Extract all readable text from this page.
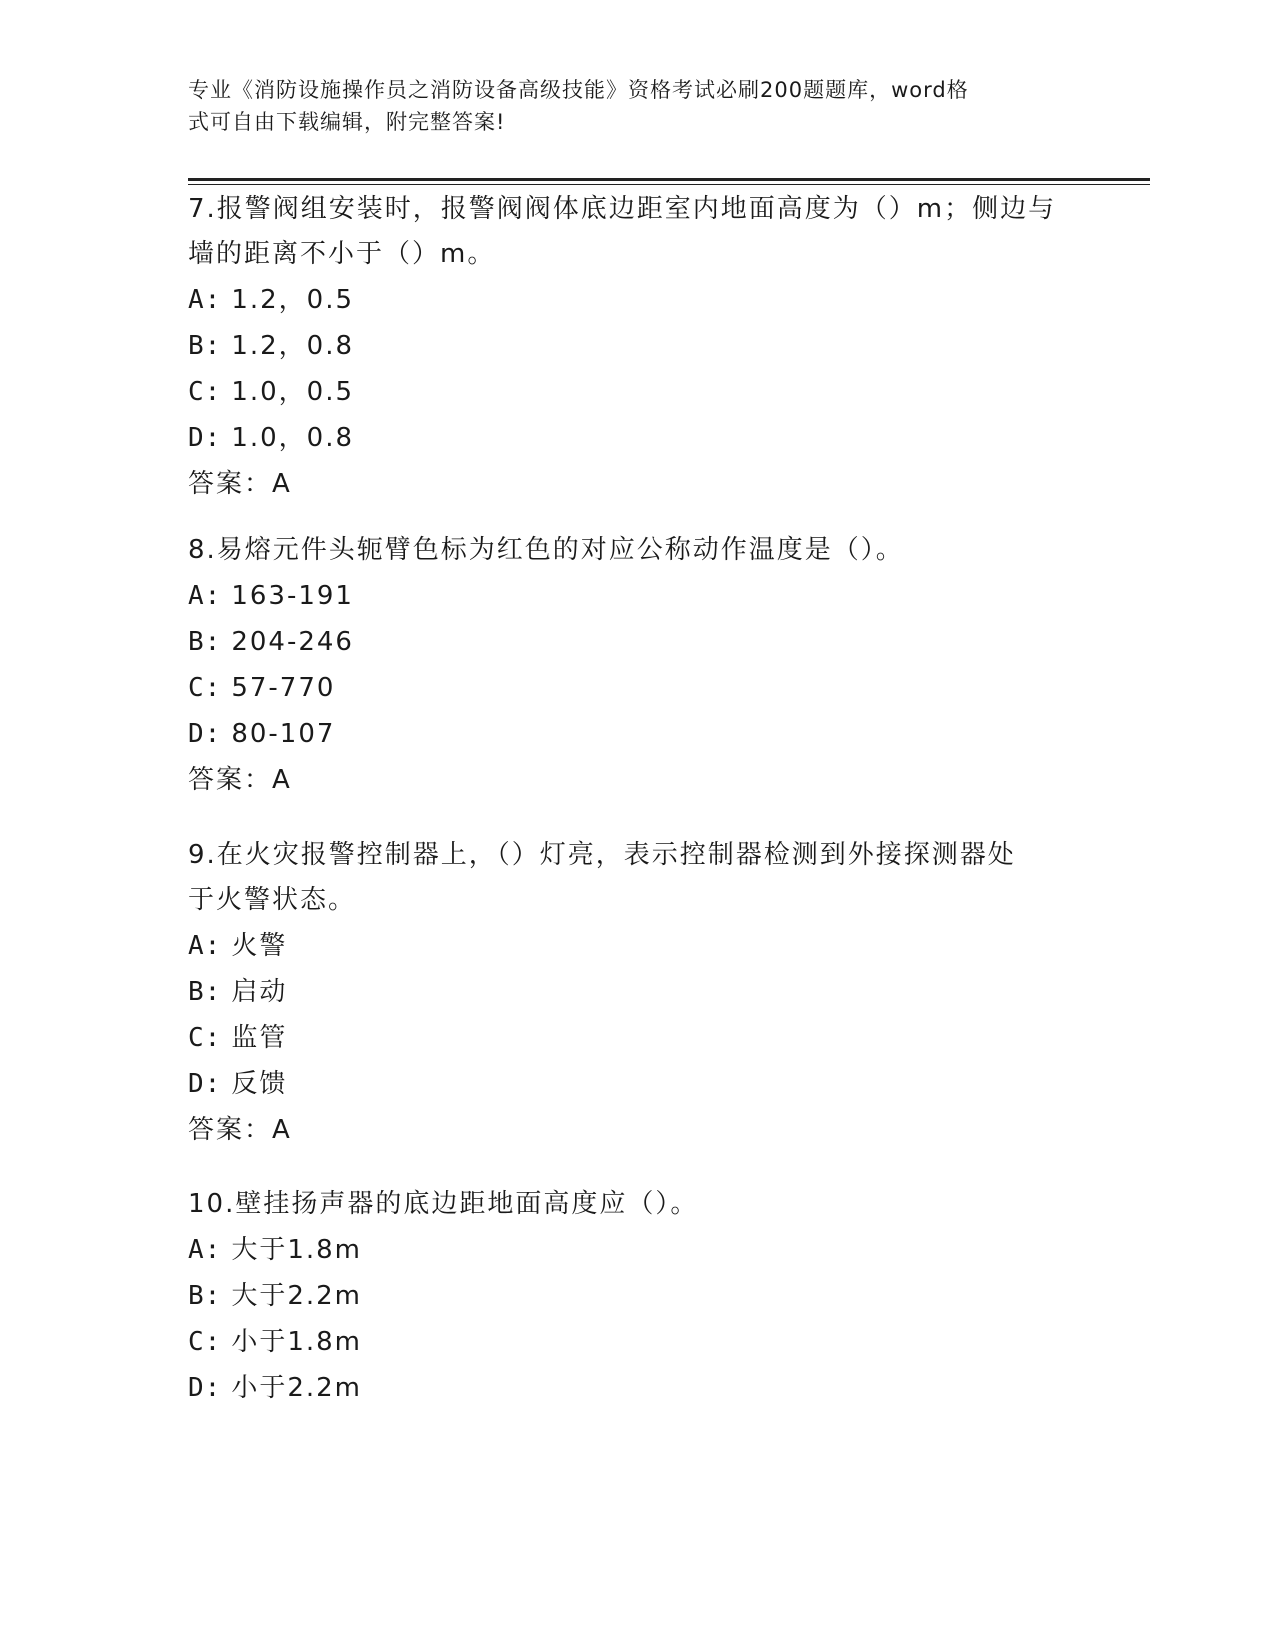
专业《消防设施操作员之消防设备高级技能》资格考试必刷200题题库，word格
式可自由下载编辑，附完整答案!

7.报警阀组安装时，报警阀阀体底边距室内地面高度为（）m；侧边与

墙的距离不小于（）m。

A: 1.2，0.5

B: 1.2，0.8

C: 1.0，0.5

D: 1.0，0.8

答案：A

8.易熔元件头轭臂色标为红色的对应公称动作温度是（）。

A: 163-191

B: 204-246

C: 57-770

D: 80-107

答案：A

9.在火灾报警控制器上，（）灯亮，表示控制器检测到外接探测器处

于火警状态。

A: 火警

B: 启动

C: 监管

D: 反馈

答案：A

10.壁挂扬声器的底边距地面高度应（）。

A: 大于1.8m

B: 大于2.2m

C: 小于1.8m

D: 小于2.2m
